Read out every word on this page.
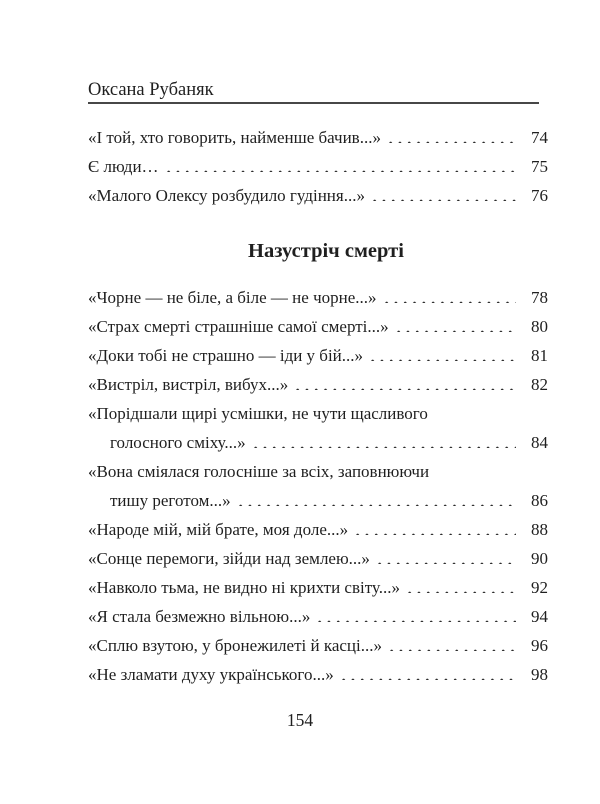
Оксана Рубаняк
«І той, хто говорить, найменше бачив...»	74
Є люди…	75
«Малого Олексу розбудило гудіння...»	76
Назустріч смерті
«Чорне — не біле, а біле — не чорне...»	78
«Страх смерті страшніше самої смерті...»	80
«Доки тобі не страшно — іди у бій...»	81
«Вистріл, вистріл, вибух...»	82
«Порідшали щирі усмішки, не чути щасливого
голосного сміху...»	84
«Вона сміялася голосніше за всіх, заповнюючи
тишу реготом...»	86
«Народе мій, мій брате, моя доле...»	88
«Сонце перемоги, зійди над землею...»	90
«Навколо тьма, не видно ні крихти світу...»	92
«Я стала безмежно вільною...»	94
«Сплю взутою, у бронежилеті й касці...»	96
«Не зламати духу українського...»	98
154
